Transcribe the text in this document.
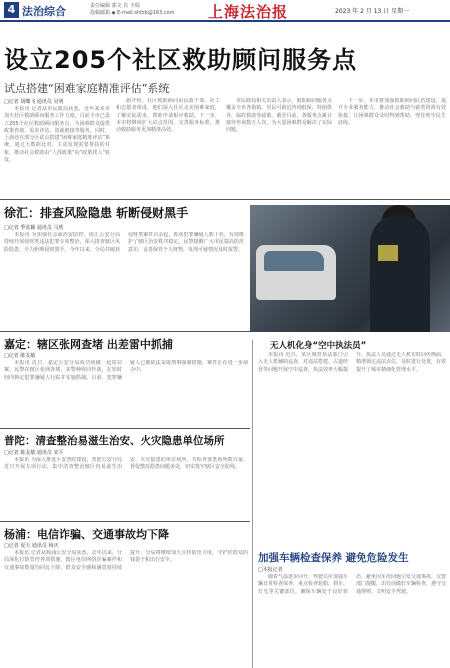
4 法治综合	责任编辑 郭文 肖 卡瑞
投稿邮箱 ◆ E-mail:shfzb@163.com	上海法治报	2023 年 2 月 13 日 星期一
设立205个社区救助顾问服务点
试点搭建“困难家庭精准评估”系统
□记者 胡蝶飞 通讯员 吴明

本报讯 记者从市民政局获悉，近年来本市加大社区救助顾问服务工作力度，目前全市已设立205个社区救助顾问服务点，为困难群众提供政策咨询、需求评估、资源链接等服务。同时，上海还在部分区试点搭建“困难家庭精准评估”系统，通过大数据比对，主动发现需要帮扶的对象，推动社会救助由“人找政策”向“政策找人”转变。

据介绍，社区救助顾问由民政干部、社工和志愿者组成，他们深入社区走访困难家庭，了解实际需求，帮助申请相应救助。下一步，本市将继续扩大试点范围，完善服务标准，推动救助服务更加精准高效。

市民政局相关负责人表示，救助顾问服务点覆盖全市各街镇，居民可就近咨询低保、特困供养、临时救助等政策。截至目前，各服务点累计接待咨询数万人次，为大量困难群众解决了实际问题。

下一步，本市将加强救助顾问队伍建设，提升专业服务能力，推动社会救助与慈善资源有效衔接，让困难群众及时得到帮助，兜住兜牢民生底线。

徐汇：排查风险隐患 斩断侵财黑手
□记者 季张颖 通讯员 马欣

本报讯 为加强社会面治安防控，徐汇公安分局持续开展侵财类违法犯罪专项整治，深入排查辖区风险隐患，全力斩断侵财黑手。今年以来，分局共破获侵财类案件百余起，抓获犯罪嫌疑人数十名，有效维护了辖区治安秩序稳定。民警提醒广大市民提高防范意识，妥善保管个人财物，发现可疑情况及时报警。

无人机化身“空中执法员”

本报讯 近日，某区城管执法部门引入无人机辅助巡查，对违法搭建、占道经营等问题开展空中巡查，执法效率大幅提升。执法人员通过无人机实时回传画面，精准锁定违法点位，及时进行处置，有效提升了城市精细化管理水平。

嘉定：辖区张网查堵 出差雷中抓捕
□记者 陈友敏

本报讯 近日，嘉定公安分局成功侦破一起盗窃案，民警在辖区张网查堵，多警种协同作战，在短时间内锁定犯罪嫌疑人行踪并实施抓捕。目前，犯罪嫌疑人已被依法采取刑事强制措施，案件正在进一步侦办中。

普陀：清查整治易滋生治安、火灾隐患单位场所
□记者 陈友敏 通讯员 宋平

本报讯 为深入推进平安普陀建设，普陀公安分局近日开展专项行动，集中清查整治辖区内易滋生治安、火灾隐患的单位场所，共检查各类场所数百家，督促整改隐患问题多处，切实筑牢辖区安全防线。

杨浦：电信诈骗、交通事故均下降
□记者 夏天 通讯员 杨庆

本报讯 记者从杨浦公安分局获悉，去年以来，分局深化打防管控各项措施，辖区电信网络诈骗案件和交通事故数量均同比下降，群众安全感和满意度持续提升。分局将继续加大宣传防范力度，守护好群众的钱袋子和出行安全。	加强车辆检查保养 避免危险发生
□本报记者

随着气温逐步回升，驾驶员应加强车辆日常检查保养，重点检查轮胎、刹车、灯光等关键部位，确保车辆处于良好状态，避免因车况问题引发交通事故。交警部门提醒，出行前做好车辆检查，遵守交通规则，文明安全驾驶。
